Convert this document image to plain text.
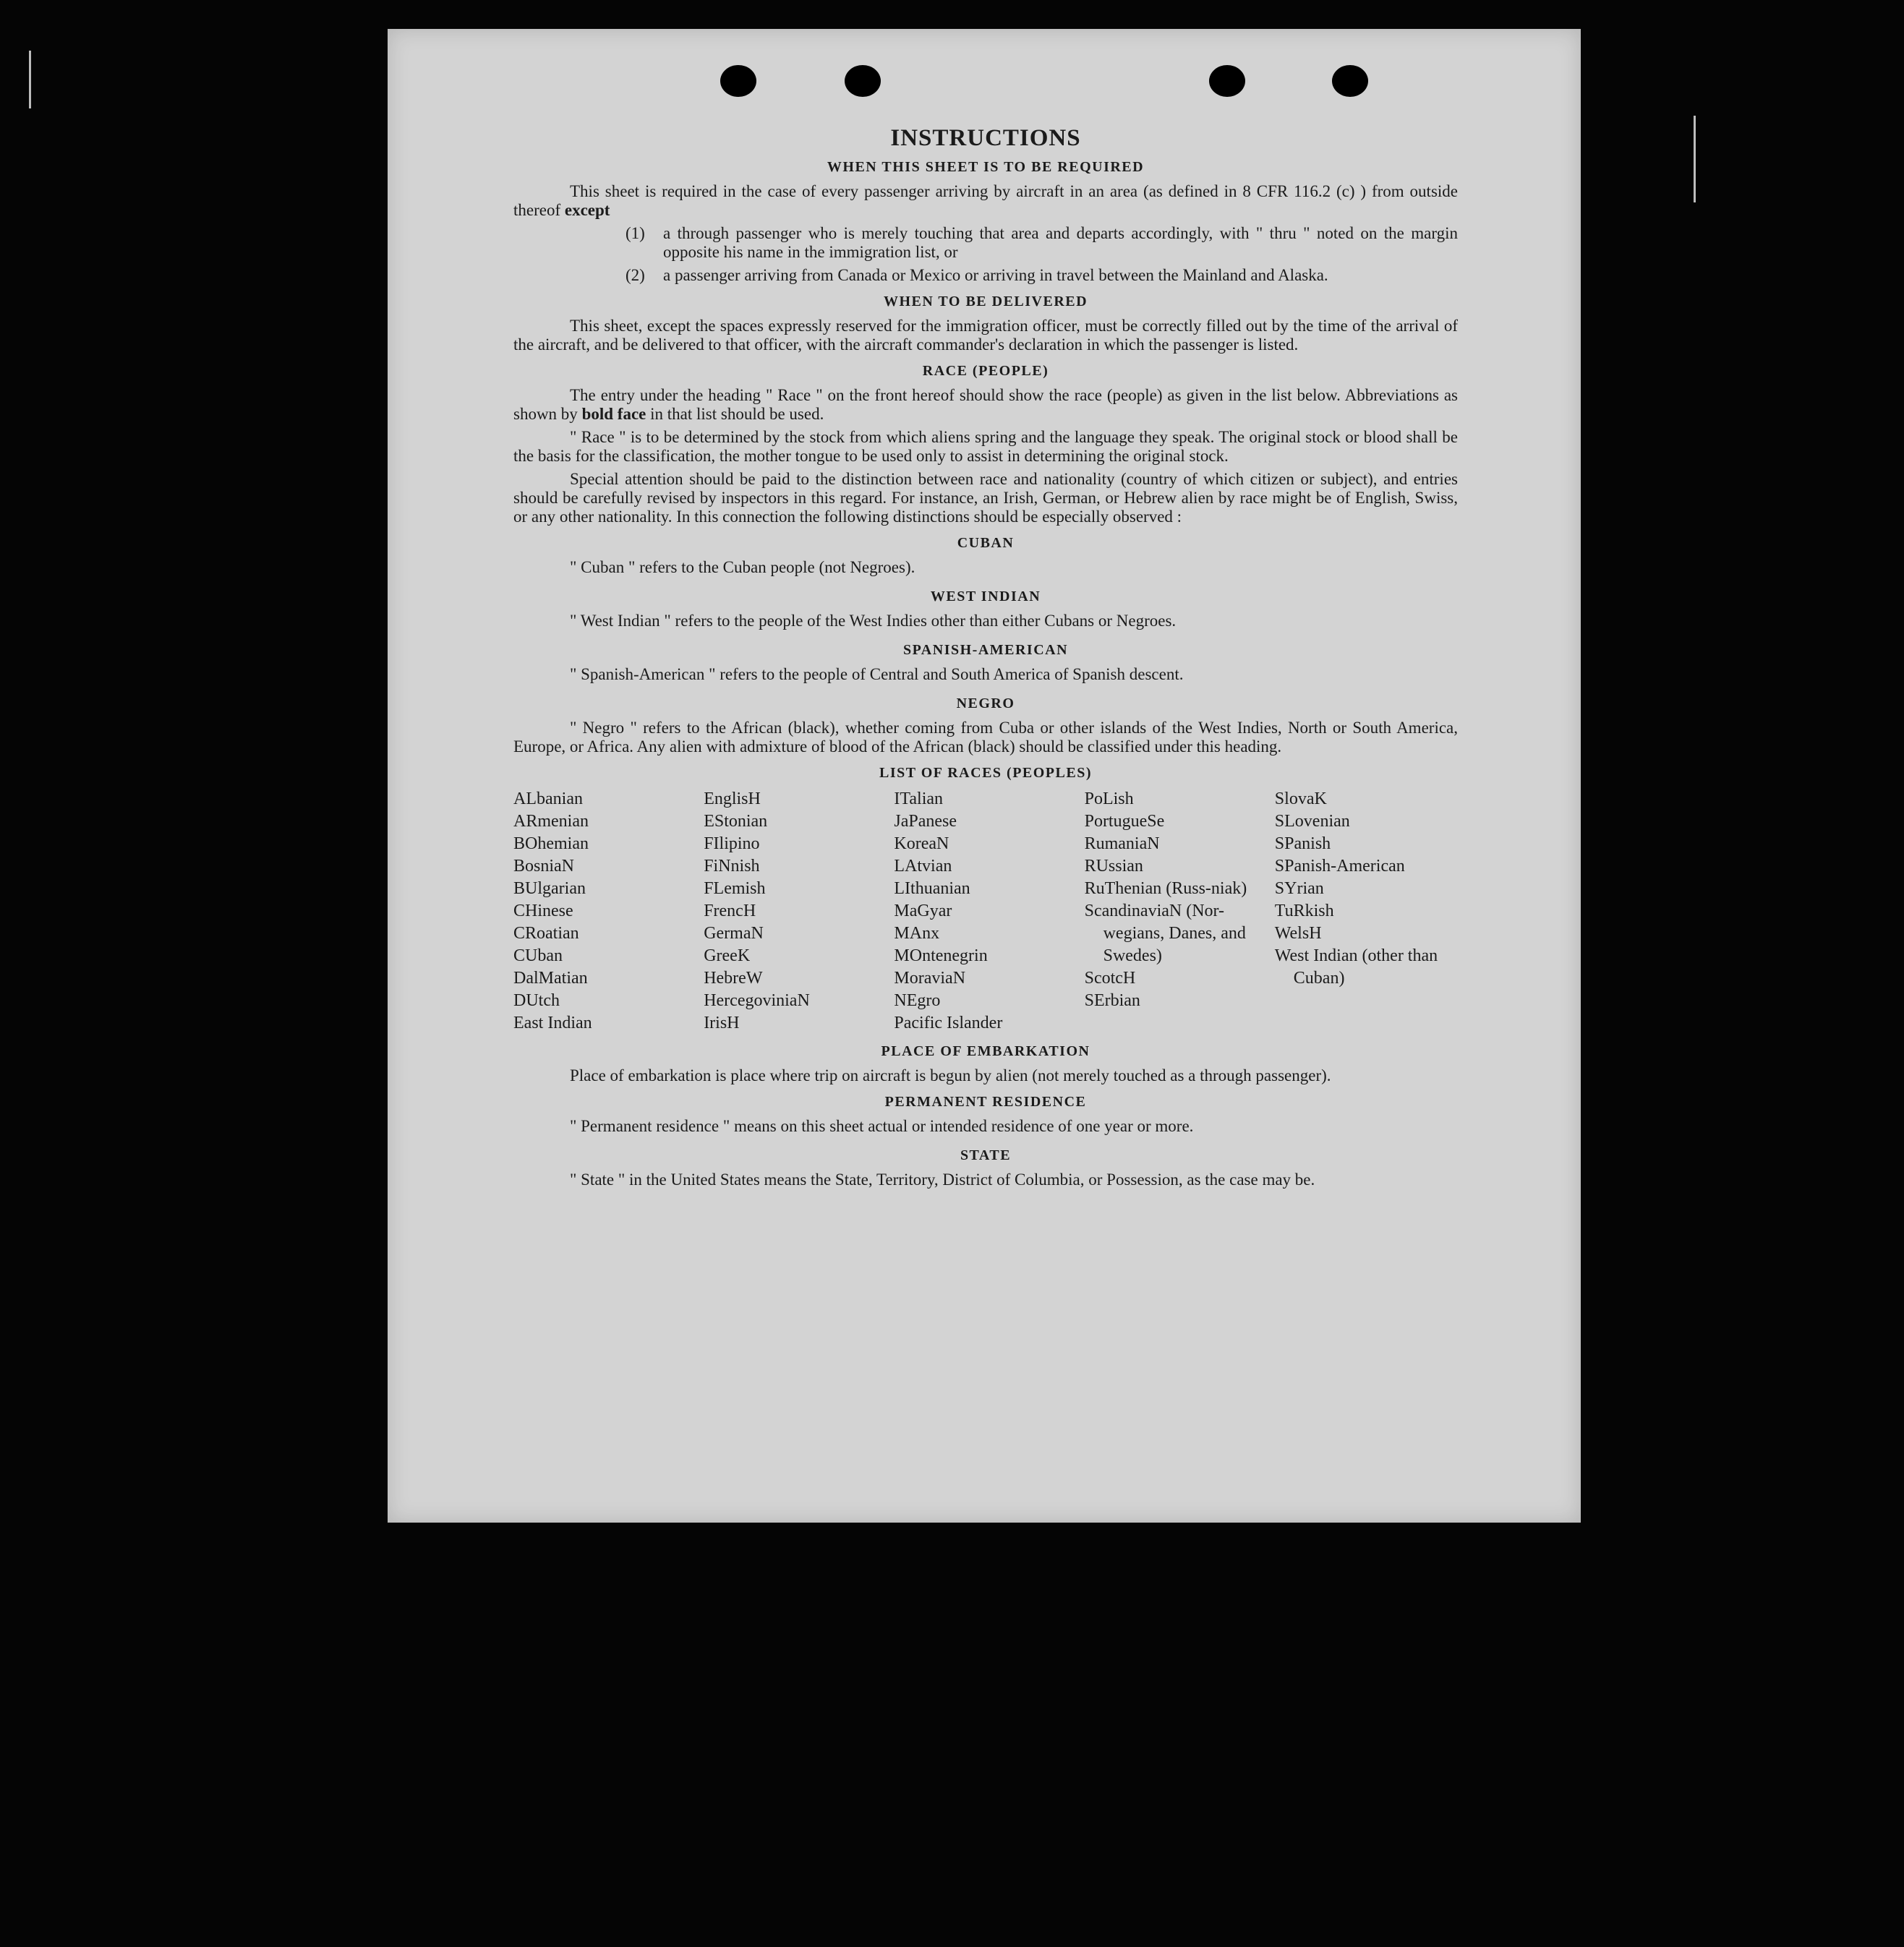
INSTRUCTIONS
WHEN THIS SHEET IS TO BE REQUIRED
This sheet is required in the case of every passenger arriving by aircraft in an area (as defined in 8 CFR 116.2 (c) ) from outside thereof except
(1)	a through passenger who is merely touching that area and departs accordingly, with " thru " noted on the margin opposite his name in the immigration list, or
(2)	a passenger arriving from Canada or Mexico or arriving in travel between the Mainland and Alaska.
WHEN TO BE DELIVERED
This sheet, except the spaces expressly reserved for the immigration officer, must be correctly filled out by the time of the arrival of the aircraft, and be delivered to that officer, with the aircraft commander's declaration in which the passenger is listed.
RACE (PEOPLE)
The entry under the heading " Race " on the front hereof should show the race (people) as given in the list below. Abbreviations as shown by bold face in that list should be used.
" Race " is to be determined by the stock from which aliens spring and the language they speak. The original stock or blood shall be the basis for the classification, the mother tongue to be used only to assist in determining the original stock.
Special attention should be paid to the distinction between race and nationality (country of which citizen or subject), and entries should be carefully revised by inspectors in this regard. For instance, an Irish, German, or Hebrew alien by race might be of English, Swiss, or any other nationality. In this connection the following distinctions should be especially observed :
CUBAN
" Cuban " refers to the Cuban people (not Negroes).
WEST INDIAN
" West Indian " refers to the people of the West Indies other than either Cubans or Negroes.
SPANISH-AMERICAN
" Spanish-American " refers to the people of Central and South America of Spanish descent.
NEGRO
" Negro " refers to the African (black), whether coming from Cuba or other islands of the West Indies, North or South America, Europe, or Africa. Any alien with admixture of blood of the African (black) should be classified under this heading.
LIST OF RACES (PEOPLES)
ALbanian
ARmenian
BOhemian
BosniaN
BUlgarian
CHinese
CRoatian
CUban
DalMatian
DUtch
East Indian
EnglisH
EStonian
FIlipino
FiNnish
FLemish
FrencH
GermaN
GreeK
HebreW
HercegoviniaN
IrisH
ITalian
JaPanese
KoreaN
LAtvian
LIthuanian
MaGyar
MAnx
MOntenegrin
MoraviaN
NEgro
Pacific Islander
PoLish
PortugueSe
RumaniaN
RUssian
RuThenian (Russ-niak)
ScandinaviaN (Nor-wegians, Danes, and Swedes)
ScotcH
SErbian
SlovaK
SLovenian
SPanish
SPanish-American
SYrian
TuRkish
WelsH
West Indian (other than Cuban)
PLACE OF EMBARKATION
Place of embarkation is place where trip on aircraft is begun by alien (not merely touched as a through passenger).
PERMANENT RESIDENCE
" Permanent residence " means on this sheet actual or intended residence of one year or more.
STATE
" State " in the United States means the State, Territory, District of Columbia, or Possession, as the case may be.
